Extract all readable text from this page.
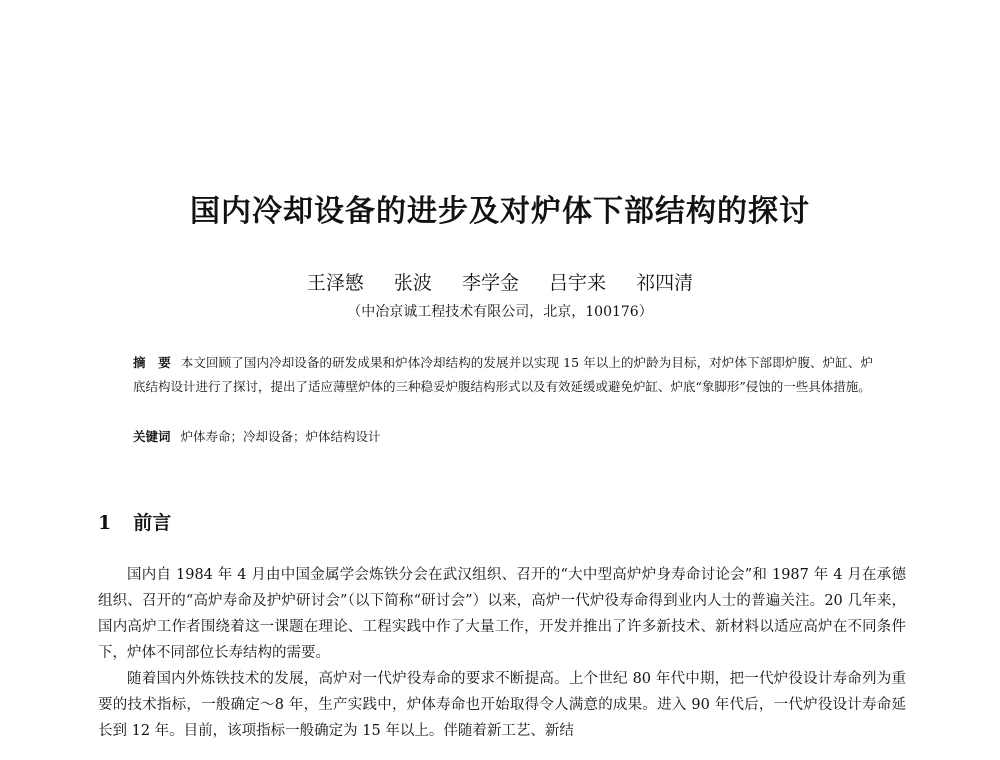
国内冷却设备的进步及对炉体下部结构的探讨
王泽慜 张波 李学金 吕宇来 祁四清

（中冶京诚工程技术有限公司，北京，100176）

摘　要 本文回顾了国内冷却设备的研发成果和炉体冷却结构的发展并以实现 15 年以上的炉龄为目标，对炉体下部即炉腹、炉缸、炉底结构设计进行了探讨，提出了适应薄壁炉体的三种稳妥炉腹结构形式以及有效延缓或避免炉缸、炉底“象脚形”侵蚀的一些具体措施。

关键词 炉体寿命；冷却设备；炉体结构设计

1 前言

国内自 1984 年 4 月由中国金属学会炼铁分会在武汉组织、召开的“大中型高炉炉身寿命讨论会”和 1987 年 4 月在承德组织、召开的“高炉寿命及护炉研讨会”（以下简称“研讨会”）以来，高炉一代炉役寿命得到业内人士的普遍关注。20 几年来，国内高炉工作者围绕着这一课题在理论、工程实践中作了大量工作，开发并推出了许多新技术、新材料以适应高炉在不同条件下，炉体不同部位长寿结构的需要。

随着国内外炼铁技术的发展，高炉对一代炉役寿命的要求不断提高。上个世纪 80 年代中期，把一代炉役设计寿命列为重要的技术指标，一般确定～8 年，生产实践中，炉体寿命也开始取得令人满意的成果。进入 90 年代后，一代炉役设计寿命延长到 12 年。目前，该项指标一般确定为 15 年以上。伴随着新工艺、新结
